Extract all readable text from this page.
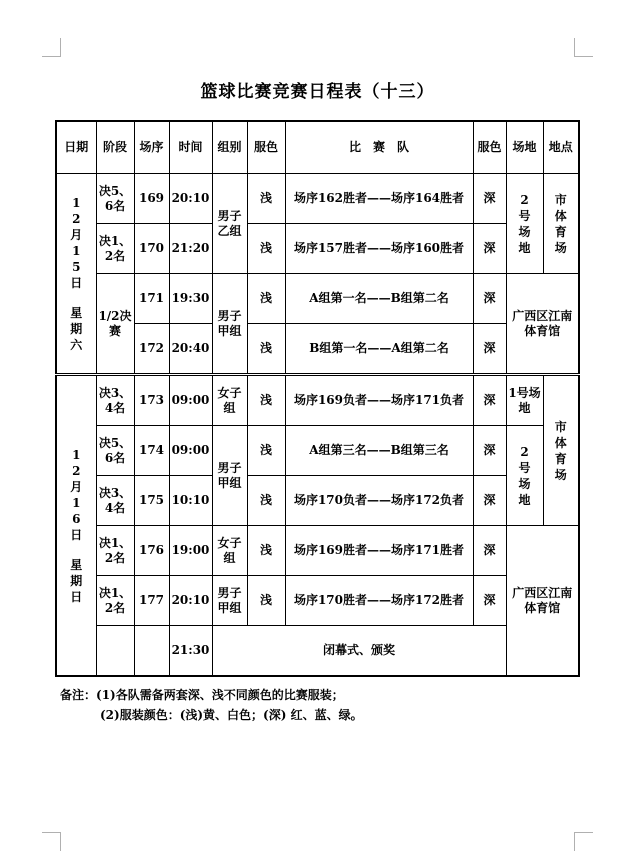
篮球比赛竞赛日程表（十三）
日期	阶段	场序	时间	组别	服色	比　赛　队	服色	场地	地点
12月15日
星期六	决5、6名	169	20:10	男子乙组	浅	场序162胜者——场序164胜者	深	2号场地	市体育场
	决1、2名	170	21:20		浅	场序157胜者——场序160胜者	深		
	1/2决赛	171	19:30	男子甲组	浅	A组第一名——B组第二名	深	广西区江南体育馆	
		172	20:40		浅	B组第一名——A组第二名	深		
12月16日
星期日	决3、4名	173	09:00	女子组	浅	场序169负者——场序171负者	深	1号场地	市体育场
	决5、6名	174	09:00	男子甲组	浅	A组第三名——B组第三名	深	2号场地	
	决3、4名	175	10:10		浅	场序170负者——场序172负者	深		
	决1、2名	176	19:00	女子组	浅	场序169胜者——场序171胜者	深	广西区江南体育馆	
	决1、2名	177	20:10	男子甲组	浅	场序170胜者——场序172胜者	深		
			21:30	闭幕式、颁奖					
备注：(1)各队需备两套深、浅不同颜色的比赛服装；
(2)服装颜色：(浅)黄、白色；(深) 红、蓝、绿。
